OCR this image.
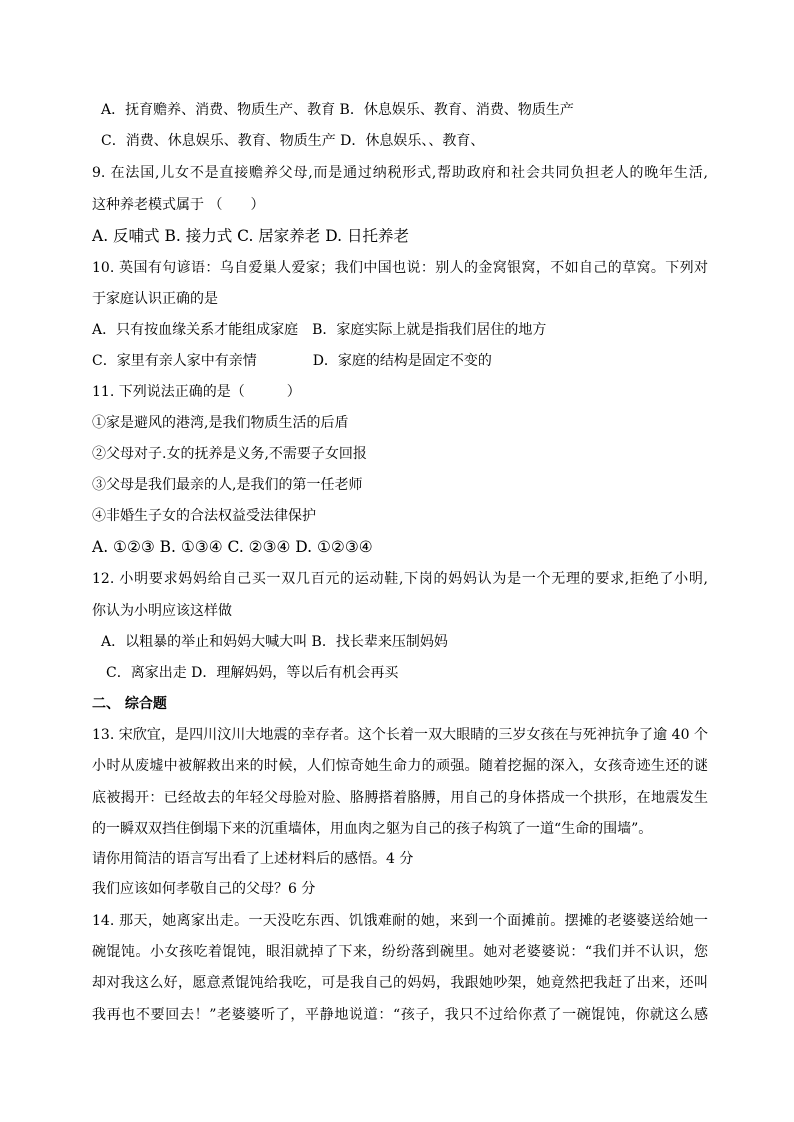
A．抚育赡养、消费、物质生产、教育 B．休息娱乐、教育、消费、物质生产
C．消费、休息娱乐、教育、物质生产 D．休息娱乐、、教育、
9. 在法国,儿女不是直接赡养父母,而是通过纳税形式,帮助政府和社会共同负担老人的晚年生活,
这种养老模式属于 （　　）
A. 反哺式 B. 接力式 C. 居家养老 D. 日托养老
10. 英国有句谚语：乌自爱巢人爱家；我们中国也说：别人的金窝银窝，不如自己的草窝。下列对
于家庭认识正确的是
A．只有按血缘关系才能组成家庭　B．家庭实际上就是指我们居住的地方
C．家里有亲人家中有亲情　　　　D．家庭的结构是固定不变的
11. 下列说法正确的是（　　　）
①家是避风的港湾,是我们物质生活的后盾
②父母对子.女的抚养是义务,不需要子女回报
③父母是我们最亲的人,是我们的第一任老师
④非婚生子女的合法权益受法律保护
A. ①②③ B. ①③④ C. ②③④ D. ①②③④
12. 小明要求妈妈给自己买一双几百元的运动鞋,下岗的妈妈认为是一个无理的要求,拒绝了小明,
你认为小明应该这样做
A．以粗暴的举止和妈妈大喊大叫 B．找长辈来压制妈妈
C．离家出走 D．理解妈妈，等以后有机会再买
二、 综合题
13. 宋欣宜，是四川汶川大地震的幸存者。这个长着一双大眼睛的三岁女孩在与死神抗争了逾 40 个
小时从废墟中被解救出来的时候，人们惊奇她生命力的顽强。随着挖掘的深入，女孩奇迹生还的谜
底被揭开：已经故去的年轻父母脸对脸、胳膊搭着胳膊，用自己的身体搭成一个拱形，在地震发生
的一瞬双双挡住倒塌下来的沉重墙体，用血肉之躯为自己的孩子构筑了一道“生命的围墙”。
请你用简洁的语言写出看了上述材料后的感悟。4 分
我们应该如何孝敬自己的父母？6 分
14. 那天，她离家出走。一天没吃东西、饥饿难耐的她，来到一个面摊前。摆摊的老婆婆送给她一
碗馄饨。小女孩吃着馄饨，眼泪就掉了下来，纷纷落到碗里。她对老婆婆说：“我们并不认识，您
却对我这么好，愿意煮馄饨给我吃，可是我自己的妈妈，我跟她吵架，她竟然把我赶了出来，还叫
我再也不要回去！”老婆婆听了，平静地说道：“孩子，我只不过给你煮了一碗馄饨，你就这么感
